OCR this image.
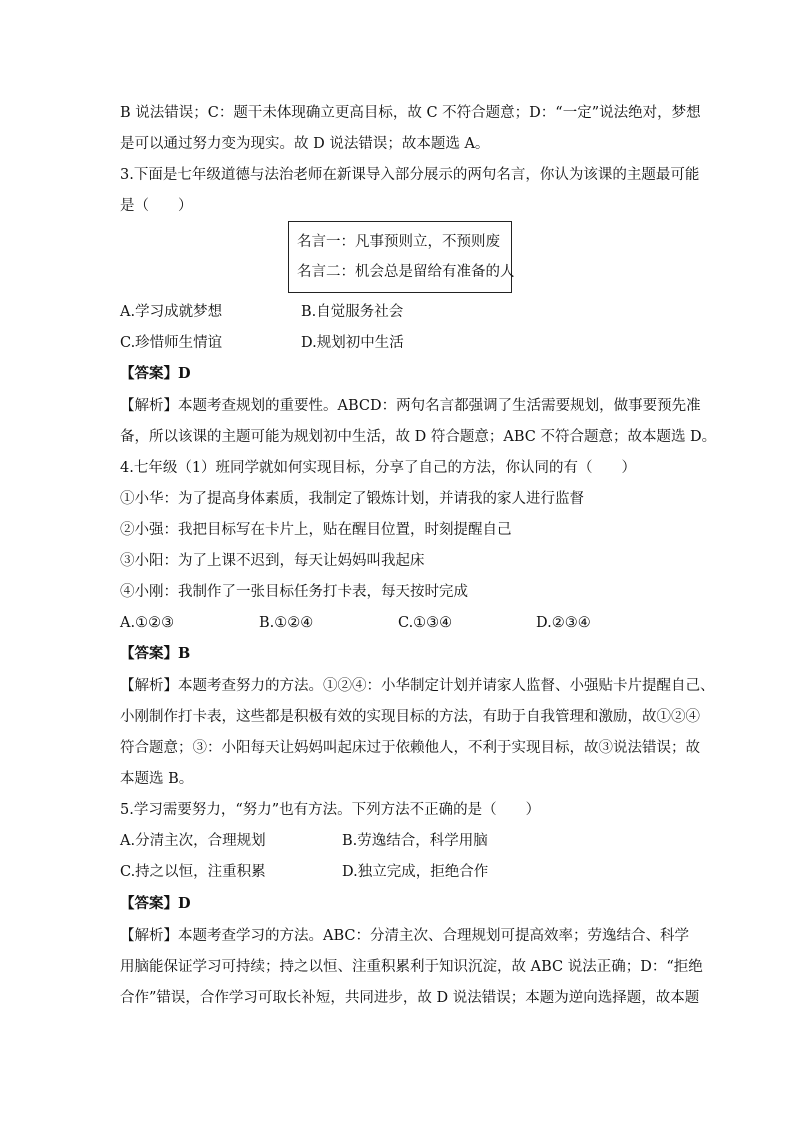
B 说法错误；C：题干未体现确立更高目标，故 C 不符合题意；D：“一定”说法绝对，梦想
是可以通过努力变为现实。故 D 说法错误；故本题选 A。
3.下面是七年级道德与法治老师在新课导入部分展示的两句名言，你认为该课的主题最可能
是（　　）
名言一：凡事预则立，不预则废
名言二：机会总是留给有准备的人
A.学习成就梦想	B.自觉服务社会
C.珍惜师生情谊	D.规划初中生活
【答案】D
【解析】本题考查规划的重要性。ABCD：两句名言都强调了生活需要规划，做事要预先准
备，所以该课的主题可能为规划初中生活，故 D 符合题意；ABC 不符合题意；故本题选 D。
4.七年级（1）班同学就如何实现目标，分享了自己的方法，你认同的有（　　）
①小华：为了提高身体素质，我制定了锻炼计划，并请我的家人进行监督
②小强：我把目标写在卡片上，贴在醒目位置，时刻提醒自己
③小阳：为了上课不迟到，每天让妈妈叫我起床
④小刚：我制作了一张目标任务打卡表，每天按时完成
A.①②③	B.①②④	C.①③④	D.②③④
【答案】B
【解析】本题考查努力的方法。①②④：小华制定计划并请家人监督、小强贴卡片提醒自己、
小刚制作打卡表，这些都是积极有效的实现目标的方法，有助于自我管理和激励，故①②④
符合题意；③：小阳每天让妈妈叫起床过于依赖他人，不利于实现目标，故③说法错误；故
本题选 B。
5.学习需要努力，“努力”也有方法。下列方法不正确的是（　　）
A.分清主次，合理规划	B.劳逸结合，科学用脑
C.持之以恒，注重积累	D.独立完成，拒绝合作
【答案】D
【解析】本题考查学习的方法。ABC：分清主次、合理规划可提高效率；劳逸结合、科学
用脑能保证学习可持续；持之以恒、注重积累利于知识沉淀，故 ABC 说法正确；D：“拒绝
合作”错误，合作学习可取长补短，共同进步，故 D 说法错误；本题为逆向选择题，故本题
